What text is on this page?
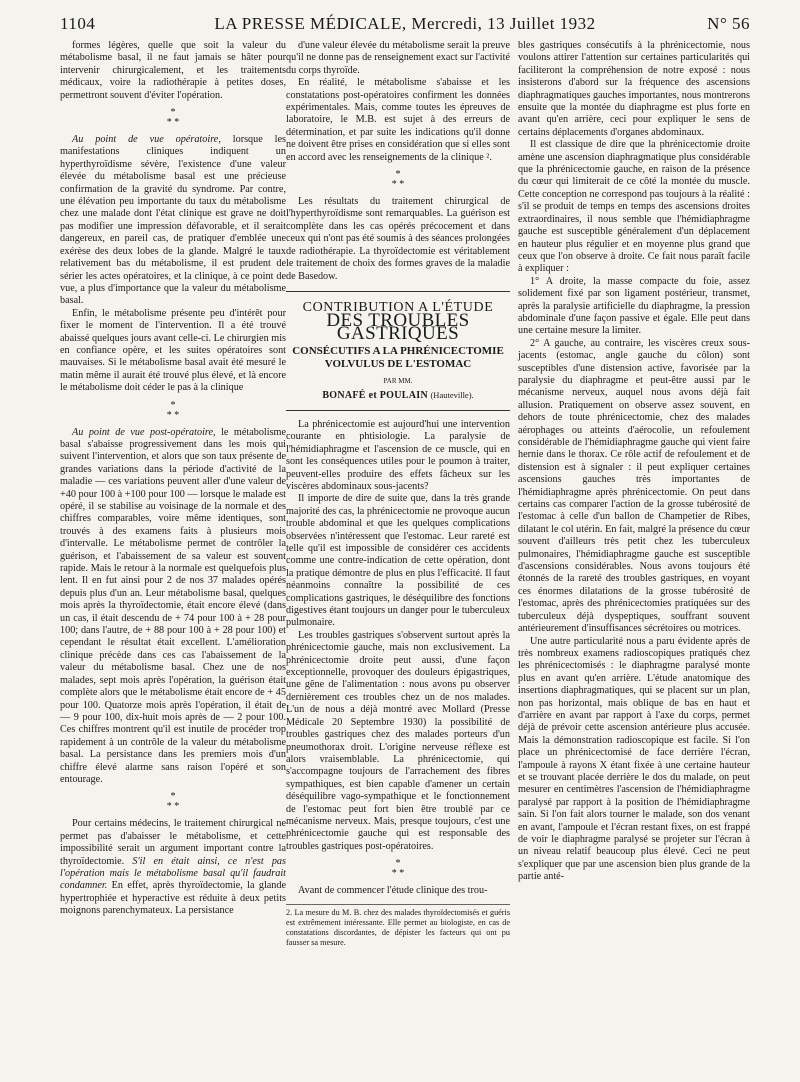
1104	LA PRESSE MÉDICALE, Mercredi, 13 Juillet 1932	N° 56

formes légères, quelle que soit la valeur du métabolisme basal, il ne faut jamais se hâter pour intervenir chirurgicalement, et les traitements médicaux, voire la radiothérapie à petites doses, permettront souvent d'éviter l'opération.

*
* *

Au point de vue opératoire, lorsque les manifestations cliniques indiquent un hyperthyroïdisme sévère, l'existence d'une valeur élevée du métabolisme basal est une précieuse confirmation de la gravité du syndrome. Par contre, une élévation peu importante du taux du métabolisme chez une malade dont l'état clinique est grave ne doit pas modifier une impression défavorable, et il serait dangereux, en pareil cas, de pratiquer d'emblée une exérèse des deux lobes de la glande. Malgré le taux relativement bas du métabolisme, il est prudent de sérier les actes opératoires, et la clinique, à ce point de vue, a plus d'importance que la valeur du métabolisme basal.

Enfin, le métabolisme présente peu d'intérêt pour fixer le moment de l'intervention. Il a été trouvé abaissé quelques jours avant celle-ci. Le chirurgien mis en confiance opère, et les suites opératoires sont mauvaises. Si le métabolisme basal avait été mesuré le matin même il aurait été trouvé plus élevé, et là encore le métabolisme doit céder le pas à la clinique

*
* *

Au point de vue post-opératoire, le métabolisme basal s'abaisse progressivement dans les mois qui suivent l'intervention, et alors que son taux présente de grandes variations dans la période d'activité de la maladie — ces variations peuvent aller d'une valeur de +40 pour 100 à +100 pour 100 — lorsque le malade est opéré, il se stabilise au voisinage de la normale et des chiffres comparables, voire même identiques, sont trouvés à des examens faits à plusieurs mois d'intervalle. Le métabolisme permet de contrôler la guérison, et l'abaissement de sa valeur est souvent rapide. Mais le retour à la normale est quelquefois plus lent. Il en fut ainsi pour 2 de nos 37 malades opérés depuis plus d'un an. Leur métabolisme basal, quelques mois après la thyroïdectomie, était encore élevé (dans un cas, il était descendu de + 74 pour 100 à + 28 pour 100; dans l'autre, de + 88 pour 100 à + 28 pour 100) et cependant le résultat était excellent. L'amélioration clinique précède dans ces cas l'abaissement de la valeur du métabolisme basal. Chez une de nos malades, sept mois après l'opération, la guérison était complète alors que le métabolisme était encore de + 45 pour 100. Quatorze mois après l'opération, il était de — 9 pour 100, dix-huit mois après de — 2 pour 100. Ces chiffres montrent qu'il est inutile de procéder trop rapidement à un contrôle de la valeur du métabolisme basal. La persistance dans les premiers mois d'un chiffre élevé alarme sans raison l'opéré et son entourage.

*
* *

Pour certains médecins, le traitement chirurgical ne permet pas d'abaisser le métabolisme, et cette impossibilité serait un argument important contre la thyroïdectomie. S'il en était ainsi, ce n'est pas l'opération mais le métabolisme basal qu'il faudrait condamner. En effet, après thyroïdectomie, la glande hypertrophiée et hyperactive est réduite à deux petits moignons parenchymateux. La persistance

d'une valeur élevée du métabolisme serait la preuve qu'il ne donne pas de renseignement exact sur l'activité du corps thyroïde.

En réalité, le métabolisme s'abaisse et les constatations post-opératoires confirment les données expérimentales. Mais, comme toutes les épreuves de laboratoire, le M.B. est sujet à des erreurs de détermination, et par suite les indications qu'il donne ne doivent être prises en considération que si elles sont en accord avec les renseignements de la clinique ².

*
* *

Les résultats du traitement chirurgical de l'hyperthyroïdisme sont remarquables. La guérison est complète dans les cas opérés précocement et dans ceux qui n'ont pas été soumis à des séances prolongées de radiothérapie. La thyroïdectomie est véritablement le traitement de choix des formes graves de la maladie de Basedow.

CONTRIBUTION A L'ÉTUDE
DES TROUBLES GASTRIQUES
CONSÉCUTIFS A LA PHRÉNICECTOMIE
VOLVULUS DE L'ESTOMAC
PAR MM.
BONAFÉ et POULAIN (Hauteville).

La phrénicectomie est aujourd'hui une intervention courante en phtisiologie. La paralysie de l'hémidiaphragme et l'ascension de ce muscle, qui en sont les conséquences utiles pour le poumon à traiter, peuvent-elles produire des effets fâcheux sur les viscères abdominaux sous-jacents?

Il importe de dire de suite que, dans la très grande majorité des cas, la phrénicectomie ne provoque aucun trouble abdominal et que les quelques complications observées n'intéressent que l'estomac. Leur rareté est telle qu'il est impossible de considérer ces accidents comme une contre-indication de cette opération, dont la pratique démontre de plus en plus l'efficacité. Il faut néanmoins connaître la possibilité de ces complications gastriques, le déséquilibre des fonctions digestives étant toujours un danger pour le tuberculeux pulmonaire.

Les troubles gastriques s'observent surtout après la phrénicectomie gauche, mais non exclusivement. La phrénicectomie droite peut aussi, d'une façon exceptionnelle, provoquer des douleurs épigastriques, une gêne de l'alimentation : nous avons pu observer dernièrement ces troubles chez un de nos malades. L'un de nous a déjà montré avec Mollard (Presse Médicale 20 Septembre 1930) la possibilité de troubles gastriques chez des malades porteurs d'un pneumothorax droit. L'origine nerveuse réflexe est alors vraisemblable. La phrénicectomie, qui s'accompagne toujours de l'arrachement des fibres sympathiques, est bien capable d'amener un certain déséquilibre vago-sympathique et le fonctionnement de l'estomac peut fort bien être troublé par ce mécanisme nerveux. Mais, presque toujours, c'est une phrénicectomie gauche qui est responsable des troubles gastriques post-opératoires.

*
* *

Avant de commencer l'étude clinique des trou-

2. La mesure du M. B. chez des malades thyroïdectomisés et guéris est extrêmement intéressante. Elle permet au biologiste, en cas de constatations discordantes, de dépister les facteurs qui ont pu fausser sa mesure.

bles gastriques consécutifs à la phrénicectomie, nous voulons attirer l'attention sur certaines particularités qui faciliteront la compréhension de notre exposé : nous insisterons d'abord sur la fréquence des ascensions diaphragmatiques gauches importantes, nous montrerons ensuite que la montée du diaphragme est plus forte en avant qu'en arrière, ceci pour expliquer le sens de certains déplacements d'organes abdominaux.

Il est classique de dire que la phrénicectomie droite amène une ascension diaphragmatique plus considérable que la phrénicectomie gauche, en raison de la présence du cœur qui limiterait de ce côté la montée du muscle. Cette conception ne correspond pas toujours à la réalité : s'il se produit de temps en temps des ascensions droites extraordinaires, il nous semble que l'hémidiaphragme gauche est susceptible généralement d'un déplacement en hauteur plus régulier et en moyenne plus grand que ceux que l'on observe à droite. Ce fait nous paraît facile à expliquer :

1° A droite, la masse compacte du foie, assez solidement fixé par son ligament postérieur, transmet, après la paralysie artificielle du diaphragme, la pression abdominale d'une façon passive et égale. Elle peut dans une certaine mesure la limiter.

2° A gauche, au contraire, les viscères creux sous-jacents (estomac, angle gauche du côlon) sont susceptibles d'une distension active, favorisée par la paralysie du diaphragme et peut-être aussi par le mécanisme nerveux, auquel nous avons déjà fait allusion. Pratiquement on observe assez souvent, en dehors de toute phrénicectomie, chez des malades aérophages ou atteints d'aérocolie, un refoulement considérable de l'hémidiaphragme gauche qui vient faire hernie dans le thorax. Ce rôle actif de refoulement et de distension est à signaler : il peut expliquer certaines ascensions gauches très importantes de l'hémidiaphragme après phrénicectomie. On peut dans certains cas comparer l'action de la grosse tubérosité de l'estomac à celle d'un ballon de Champetier de Ribes, dilatant le col utérin. En fait, malgré la présence du cœur souvent d'ailleurs très petit chez les tuberculeux pulmonaires, l'hémidiaphragme gauche est susceptible d'ascensions considérables. Nous avons toujours été étonnés de la rareté des troubles gastriques, en voyant ces énormes dilatations de la grosse tubérosité de l'estomac, après des phrénicectomies pratiquées sur des tuberculeux déjà dyspeptiques, souffrant souvent antérieurement d'insuffisances sécrétoires ou motrices.

Une autre particularité nous a paru évidente après de très nombreux examens radioscopiques pratiqués chez les phrénicectomisés : le diaphragme paralysé monte plus en avant qu'en arrière. L'étude anatomique des insertions diaphragmatiques, qui se placent sur un plan, non pas horizontal, mais oblique de bas en haut et d'arrière en avant par rapport à l'axe du corps, permet déjà de prévoir cette ascension antérieure plus accusée. Mais la démonstration radioscopique est facile. Si l'on place un phrénicectomisé de face derrière l'écran, l'ampoule à rayons X étant fixée à une certaine hauteur et se trouvant placée derrière le dos du malade, on peut mesurer en centimètres l'ascension de l'hémidiaphragme paralysé par rapport à la position de l'hémidiaphragme sain. Si l'on fait alors tourner le malade, son dos venant en avant, l'ampoule et l'écran restant fixes, on est frappé de voir le diaphragme paralysé se projeter sur l'écran à un niveau relatif beaucoup plus élevé. Ceci ne peut s'expliquer que par une ascension bien plus grande de la partie anté-
